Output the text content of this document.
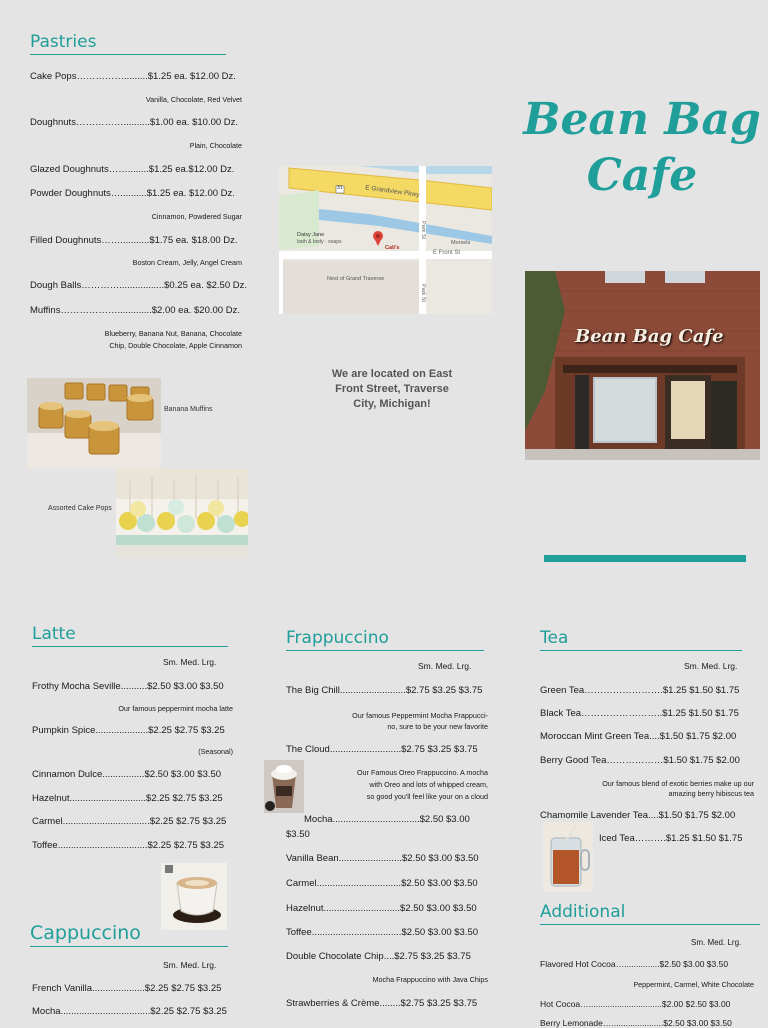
Pastries
Cake Pops…………….........$1.25 ea. $12.00 Dz.
Vanilla, Chocolate, Red Velvet
Doughnuts……………..........$1.00 ea. $10.00 Dz.
Plain, Chocolate
Glazed Doughnuts……........$1.25 ea.$12.00 Dz.
Powder Doughnuts…..........$1.25 ea. $12.00 Dz.
Cinnamon, Powdered Sugar
Filled Doughnuts……...........$1.75 ea. $18.00 Dz.
Boston Cream, Jelly, Angel Cream
Dough Balls………….................$0.25 ea. $2.50 Dz.
Muffins……………….............$2.00 ea. $20.00 Dz.
Blueberry, Banana Nut, Banana, Chocolate
Chip, Double Chocolate, Apple Cinnamon
Banana Muffins
Assorted Cake Pops
E Grandview Pkwy
E Front St
Park St
Park St
Daisy Jane
bath & body · soaps
Cali's
Morsels
Nest of Grand Traverse
31
We are located on East
Front Street, Traverse
City, Michigan!
Bean Bag
Cafe
Bean Bag Cafe
Latte
Sm. Med. Lrg.
Frothy Mocha Seville..........$2.50 $3.00 $3.50
Our famous peppermint mocha latte
Pumpkin Spice....................$2.25 $2.75 $3.25
(Seasonal)
Cinnamon Dulce................$2.50 $3.00 $3.50
Hazelnut.............................$2.25 $2.75 $3.25
Carmel.................................$2.25 $2.75 $3.25
Toffee..................................$2.25 $2.75 $3.25
Cappuccino
Sm. Med. Lrg.
French Vanilla....................$2.25 $2.75 $3.25
Mocha..................................$2.25 $2.75 $3.25
Frappuccino
Sm. Med. Lrg.
The Big Chill.........................$2.75 $3.25 $3.75
Our famous Peppermint Mocha Frappucci-
no, sure to be your new favorite
The Cloud...........................$2.75 $3.25 $3.75
Our Famous Oreo Frappuccino. A mocha
with Oreo and lots of whipped cream,
so good you'll feel like your on a cloud
Mocha.................................$2.50 $3.00
$3.50
Vanilla Bean........................$2.50 $3.00 $3.50
Carmel................................$2.50 $3.00 $3.50
Hazelnut.............................$2.50 $3.00 $3.50
Toffee..................................$2.50 $3.00 $3.50
Double Chocolate Chip....$2.75 $3.25 $3.75
Mocha Frappuccino with Java Chips
Strawberries & Crème........$2.75 $3.25 $3.75
Tea
Sm. Med. Lrg.
Green Tea…………………….$1.25 $1.50 $1.75
Black Tea……………………..$1.25 $1.50 $1.75
Moroccan Mint Green Tea....$1.50 $1.75 $2.00
Berry Good Tea………………$1.50 $1.75 $2.00
Our famous blend of exotic berries make up our
amazing berry hibiscus tea
Chamomile Lavender Tea....$1.50 $1.75 $2.00
Iced Tea……….$1.25 $1.50 $1.75
Additional
Sm. Med. Lrg.
Flavored Hot Cocoa…...............$2.50 $3.00 $3.50
Peppermint, Carmel, White Chocolate
Hot Cocoa…...............................$2.00 $2.50 $3.00
Berry Lemonade…......................$2.50 $3.00 $3.50
